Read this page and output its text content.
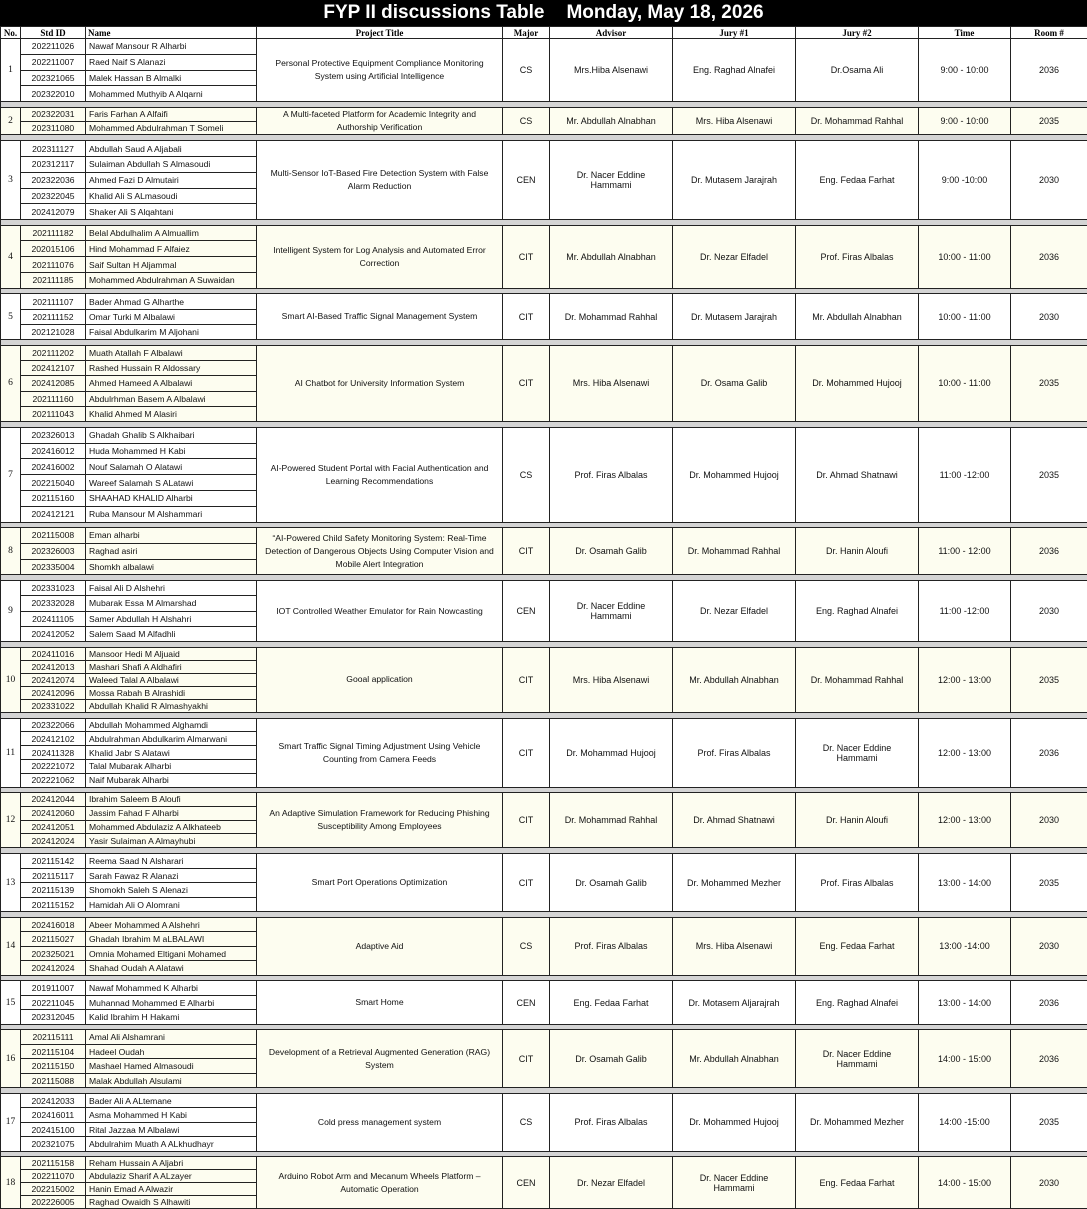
FYP II discussions Table Monday, May 18, 2026
No.	Std ID	Name	Project Title	Major	Advisor	Jury #1	Jury #2	Time	Room #
1	202211026	Nawaf Mansour R Alharbi	Personal Protective Equipment Compliance Monitoring System using Artificial Intelligence	CS	Mrs.Hiba Alsenawi	Eng. Raghad Alnafei	Dr.Osama Ali	9:00 - 10:00	2036
	202211007	Raed Naif S Alanazi							
	202321065	Malek Hassan B Almalki							
	202322010	Mohammed Muthyib A Alqarni							

2	202322031	Faris Farhan A Alfaifi	A Multi-faceted Platform for Academic Integrity and Authorship Verification	CS	Mr. Abdullah Alnabhan	Mrs. Hiba Alsenawi	Dr. Mohammad Rahhal	9:00 - 10:00	2035
	202311080	Mohammed Abdulrahman T Someli							

3	202311127	Abdullah Saud A Aljabali	Multi-Sensor IoT-Based Fire Detection System with False Alarm Reduction	CEN	Dr. Nacer Eddine Hammami	Dr. Mutasem Jarajrah	Eng. Fedaa Farhat	9:00 -10:00	2030
	202312117	Sulaiman Abdullah S Almasoudi							
	202322036	Ahmed Fazi D Almutairi							
	202322045	Khalid Ali S ALmasoudi							
	202412079	Shaker Ali S Alqahtani							

4	202111182	Belal Abdulhalim A Almuallim	Intelligent System for Log Analysis and Automated Error Correction	CIT	Mr. Abdullah Alnabhan	Dr. Nezar Elfadel	Prof. Firas Albalas	10:00 - 11:00	2036
	202015106	Hind Mohammad F Alfaiez							
	202111076	Saif Sultan H Aljammal							
	202111185	Mohammed Abdulrahman A Suwaidan							

5	202111107	Bader Ahmad G Alharthe	Smart AI-Based Traffic Signal Management System	CIT	Dr. Mohammad Rahhal	Dr. Mutasem Jarajrah	Mr. Abdullah Alnabhan	10:00 - 11:00	2030
	202111152	Omar Turki M Albalawi							
	202121028	Faisal Abdulkarim M Aljohani							

6	202111202	Muath Atallah F Albalawi	AI Chatbot for University Information System	CIT	Mrs. Hiba Alsenawi	Dr. Osama Galib	Dr. Mohammed Hujooj	10:00 - 11:00	2035
	202412107	Rashed Hussain R Aldossary							
	202412085	Ahmed Hameed A Albalawi							
	202111160	Abdulrhman Basem A Albalawi							
	202111043	Khalid Ahmed M Alasiri							

7	202326013	Ghadah Ghalib S Alkhaibari	AI-Powered Student Portal with Facial Authentication and Learning Recommendations	CS	Prof. Firas Albalas	Dr. Mohammed Hujooj	Dr. Ahmad Shatnawi	11:00 -12:00	2035
	202416012	Huda Mohammed H Kabi							
	202416002	Nouf Salamah O Alatawi							
	202215040	Wareef Salamah S ALatawi							
	202115160	SHAAHAD KHALID Alharbi							
	202412121	Ruba Mansour M Alshammari							

8	202115008	Eman alharbi	“AI-Powered Child Safety Monitoring System: Real-Time Detection of Dangerous Objects Using Computer Vision and Mobile Alert Integration	CIT	Dr. Osamah Galib	Dr. Mohammad Rahhal	Dr. Hanin Aloufi	11:00 - 12:00	2036
	202326003	Raghad asiri							
	202335004	Shomkh albalawi							

9	202331023	Faisal Ali D Alshehri	IOT Controlled Weather Emulator for Rain Nowcasting	CEN	Dr. Nacer Eddine Hammami	Dr. Nezar Elfadel	Eng. Raghad Alnafei	11:00 -12:00	2030
	202332028	Mubarak Essa M Almarshad							
	202411105	Samer Abdullah H Alshahri							
	202412052	Salem Saad M Alfadhli							

10	202411016	Mansoor Hedi M Aljuaid	Gooal application	CIT	Mrs. Hiba Alsenawi	Mr. Abdullah Alnabhan	Dr. Mohammad Rahhal	12:00 - 13:00	2035
	202412013	Mashari Shafi A Aldhafiri							
	202412074	Waleed Talal A Albalawi							
	202412096	Mossa Rabah B Alrashidi							
	202331022	Abdullah Khalid R Almashyakhi							

11	202322066	Abdullah Mohammed Alghamdi	Smart Traffic Signal Timing Adjustment Using Vehicle Counting from Camera Feeds	CIT	Dr. Mohammad Hujooj	Prof. Firas Albalas	Dr. Nacer Eddine Hammami	12:00 - 13:00	2036
	202412102	Abdulrahman Abdulkarim Almarwani							
	202411328	Khalid Jabr S Alatawi							
	202221072	Talal Mubarak Alharbi							
	202221062	Naif Mubarak Alharbi							

12	202412044	Ibrahim Saleem B Aloufi	An Adaptive Simulation Framework for Reducing Phishing Susceptibility Among Employees	CIT	Dr. Mohammad Rahhal	Dr. Ahmad Shatnawi	Dr. Hanin Aloufi	12:00 - 13:00	2030
	202412060	Jassim Fahad F Alharbi							
	202412051	Mohammed Abdulaziz A Alkhateeb							
	202412024	Yasir Sulaiman A Almayhubi							

13	202115142	Reema Saad N Alsharari	Smart Port Operations Optimization	CIT	Dr. Osamah Galib	Dr. Mohammed Mezher	Prof. Firas Albalas	13:00 - 14:00	2035
	202115117	Sarah Fawaz R Alanazi							
	202115139	Shomokh Saleh S Alenazi							
	202115152	Hamidah Ali O Alomrani							

14	202416018	Abeer Mohammed A Alshehri	Adaptive Aid	CS	Prof. Firas Albalas	Mrs. Hiba Alsenawi	Eng. Fedaa Farhat	13:00 -14:00	2030
	202115027	Ghadah Ibrahim M aLBALAWI							
	202325021	Omnia Mohamed Eltigani Mohamed							
	202412024	Shahad Oudah A Alatawi							

15	201911007	Nawaf Mohammed K Alharbi	Smart Home	CEN	Eng. Fedaa Farhat	Dr. Motasem Aljarajrah	Eng. Raghad Alnafei	13:00 - 14:00	2036
	202211045	Muhannad Mohammed E Alharbi							
	202312045	Kalid Ibrahim H Hakami							

16	202115111	Amal Ali Alshamrani	Development of a Retrieval Augmented Generation (RAG) System	CIT	Dr. Osamah Galib	Mr. Abdullah Alnabhan	Dr. Nacer Eddine Hammami	14:00 - 15:00	2036
	202115104	Hadeel Oudah							
	202115150	Mashael Hamed Almasoudi							
	202115088	Malak Abdullah Alsulami							

17	202412033	Bader Ali A ALtemane	Cold press management system	CS	Prof. Firas Albalas	Dr. Mohammed Hujooj	Dr. Mohammed Mezher	14:00 -15:00	2035
	202416011	Asma Mohammed H Kabi							
	202415100	Rital Jazzaa M Albalawi							
	202321075	Abdulrahim Muath A ALkhudhayr							

18	202115158	Reham Hussain A Aljabri	Arduino Robot Arm and Mecanum Wheels Platform – Automatic Operation	CEN	Dr. Nezar Elfadel	Dr. Nacer Eddine Hammami	Eng. Fedaa Farhat	14:00 - 15:00	2030
	202211070	Abdulaziz Sharif A ALzayer							
	202215002	Hanin Emad A Alwazir							
	202226005	Raghad Owaidh S Alhawiti							
